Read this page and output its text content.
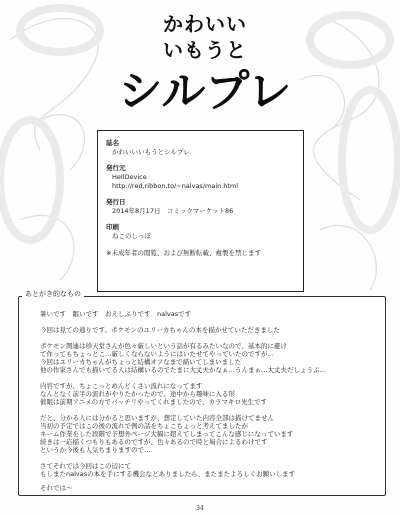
かわいい
いもうと
シルプレ
誌名
かわいいいもうとシルプレ
発行元
HellDevice
http://red,ribbon,to/~nalvas/main.html
発行日
2014年8月17日　コミックマーケット86
印刷
ねこのしっぽ
※未成年者の閲覧、および無断転載、複製を禁じます
あとがき的なもの
暑いです　眠いです　おえしぶりです　nalvasです
今回は見ての通りです。ポケモンのユリーカちゃんの本を描かせていただきました
ポケモン関連は珍天堂さんが色々厳しいという話が有るみたいなので、基本的に避け
て作ってもちょっとこ…厳しくならないようにはいたせてやっていたのですが…
今回はユリーカちゃんがちょっと結構オフなまで描いてしまいました
他の作家さんでも描いてる人は結構いるのでたまに大丈夫かなぁ…うんまぁ…大丈夫だしょうぶ…
内容ですが、ちょこっとめんどくさい流れになってます
なんとなく前半の流れがやりたかったので、途中から趣味に入る形
催眠は前期アニメの方でバッチリやってくれましたので、カラマキロ先生です
だと、分かる人には分かると思いますが、想定していた内容全部は描けてません
当初の予定ではこの後の流れで例の話をちょこちょっと考えてましたが
ネーム作業をした段階で予想外ページ大幅に超えてしまってこんな感じになっています
続きは一応描くつもりもあるのですが、色々あるので時と場合によるわけです
というか今後も人気ちまりますので…
さてそれでは今回はこの辺にて
もしまたnalvasの本を手にする機会などありましたら、またまたよろしくお願いします
それでは〜
34
